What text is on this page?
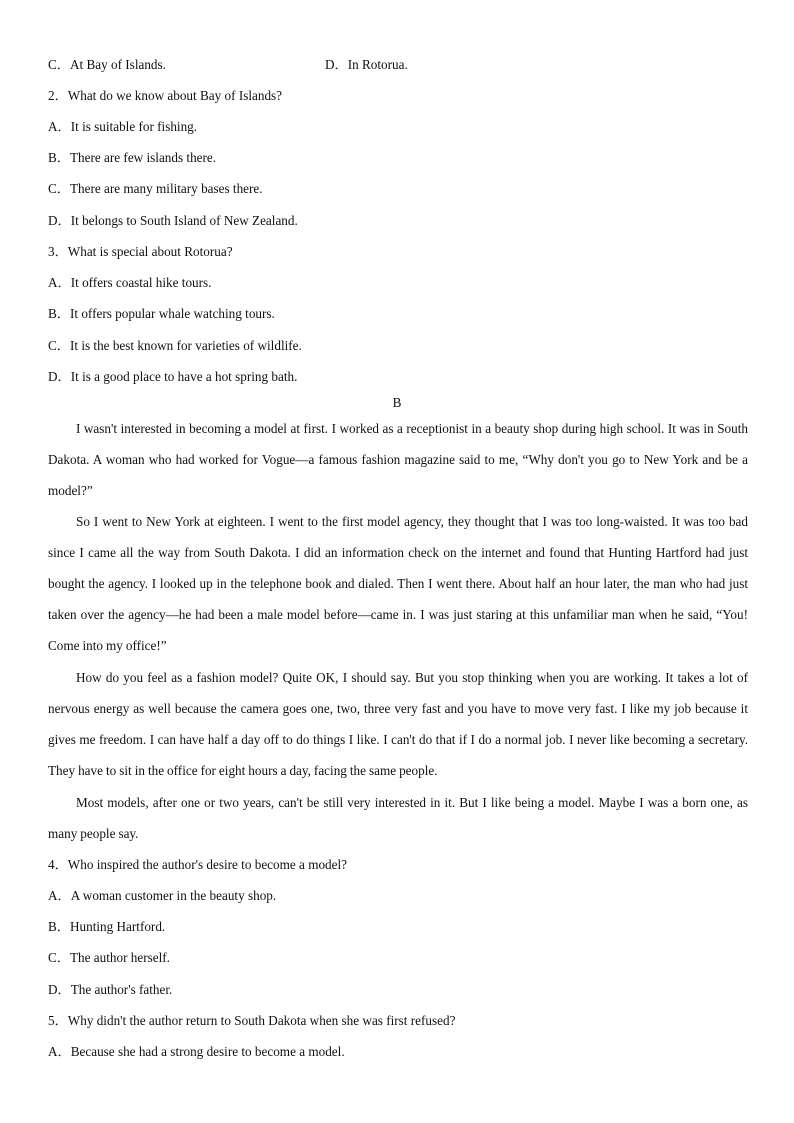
C．At Bay of Islands.	D．In Rotorua.
2．What do we know about Bay of Islands?
A．It is suitable for fishing.
B．There are few islands there.
C．There are many military bases there.
D．It belongs to South Island of New Zealand.
3．What is special about Rotorua?
A．It offers coastal hike tours.
B．It offers popular whale watching tours.
C．It is the best known for varieties of wildlife.
D．It is a good place to have a hot spring bath.
B
I wasn't interested in becoming a model at first. I worked as a receptionist in a beauty shop during high school. It was in South Dakota. A woman who had worked for Vogue—a famous fashion magazine said to me, “Why don't you go to New York and be a model?”
So I went to New York at eighteen. I went to the first model agency, they thought that I was too long-waisted. It was too bad since I came all the way from South Dakota. I did an information check on the internet and found that Hunting Hartford had just bought the agency. I looked up in the telephone book and dialed. Then I went there. About half an hour later, the man who had just taken over the agency—he had been a male model before—came in. I was just staring at this unfamiliar man when he said, “You! Come into my office!”
How do you feel as a fashion model? Quite OK, I should say. But you stop thinking when you are working. It takes a lot of nervous energy as well because the camera goes one, two, three very fast and you have to move very fast. I like my job because it gives me freedom. I can have half a day off to do things I like. I can't do that if I do a normal job. I never like becoming a secretary. They have to sit in the office for eight hours a day, facing the same people.
Most models, after one or two years, can't be still very interested in it. But I like being a model. Maybe I was a born one, as many people say.
4．Who inspired the author's desire to become a model?
A．A woman customer in the beauty shop.
B．Hunting Hartford.
C．The author herself.
D．The author's father.
5．Why didn't the author return to South Dakota when she was first refused?
A．Because she had a strong desire to become a model.
